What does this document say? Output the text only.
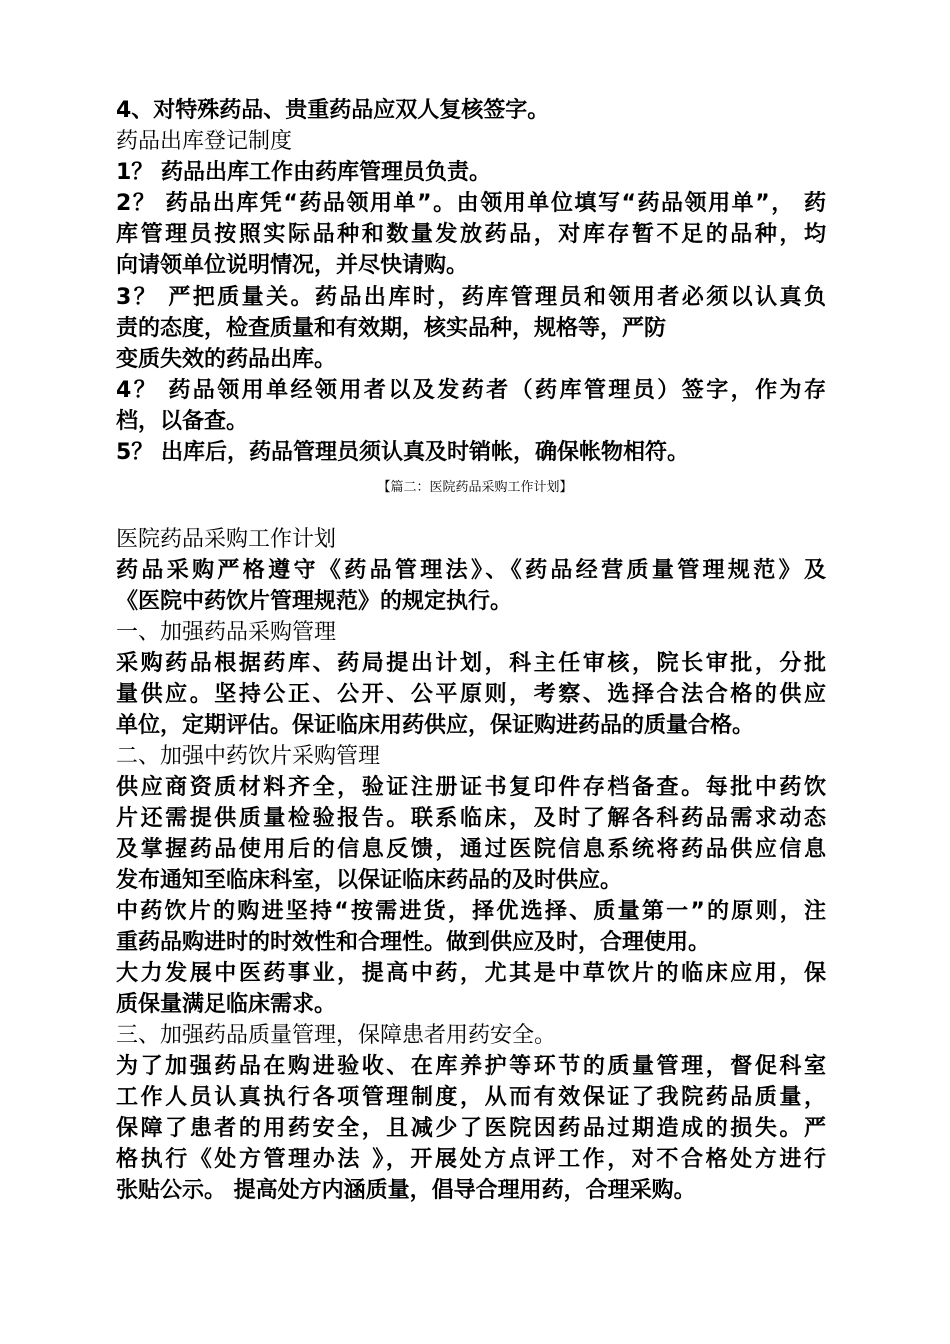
4、对特殊药品、贵重药品应双人复核签字。
药品出库登记制度
1？ 药品出库工作由药库管理员负责。
2？ 药品出库凭“药品领用单”。由领用单位填写“药品领用单”， 药
库管理员按照实际品种和数量发放药品，对库存暂不足的品种，均
向请领单位说明情况，并尽快请购。
3？ 严把质量关。药品出库时，药库管理员和领用者必须以认真负
责的态度，检查质量和有效期，核实品种，规格等，严防
变质失效的药品出库。
4？ 药品领用单经领用者以及发药者（药库管理员）签字，作为存
档，以备查。
5？ 出库后，药品管理员须认真及时销帐，确保帐物相符。
【篇二：医院药品采购工作计划】
医院药品采购工作计划
药品采购严格遵守《药品管理法》、《药品经营质量管理规范》及
《医院中药饮片管理规范》的规定执行。
一、加强药品采购管理
采购药品根据药库、药局提出计划，科主任审核，院长审批，分批
量供应。坚持公正、公开、公平原则，考察、选择合法合格的供应
单位，定期评估。保证临床用药供应，保证购进药品的质量合格。
二、加强中药饮片采购管理
供应商资质材料齐全，验证注册证书复印件存档备查。每批中药饮
片还需提供质量检验报告。联系临床，及时了解各科药品需求动态
及掌握药品使用后的信息反馈，通过医院信息系统将药品供应信息
发布通知至临床科室，以保证临床药品的及时供应。
中药饮片的购进坚持“按需进货，择优选择、质量第一”的原则，注
重药品购进时的时效性和合理性。做到供应及时，合理使用。
大力发展中医药事业，提高中药，尤其是中草饮片的临床应用，保
质保量满足临床需求。
三、加强药品质量管理，保障患者用药安全。
为了加强药品在购进验收、在库养护等环节的质量管理，督促科室
工作人员认真执行各项管理制度，从而有效保证了我院药品质量，
保障了患者的用药安全，且减少了医院因药品过期造成的损失。严
格执行《处方管理办法 》，开展处方点评工作，对不合格处方进行
张贴公示。 提高处方内涵质量，倡导合理用药，合理采购。
